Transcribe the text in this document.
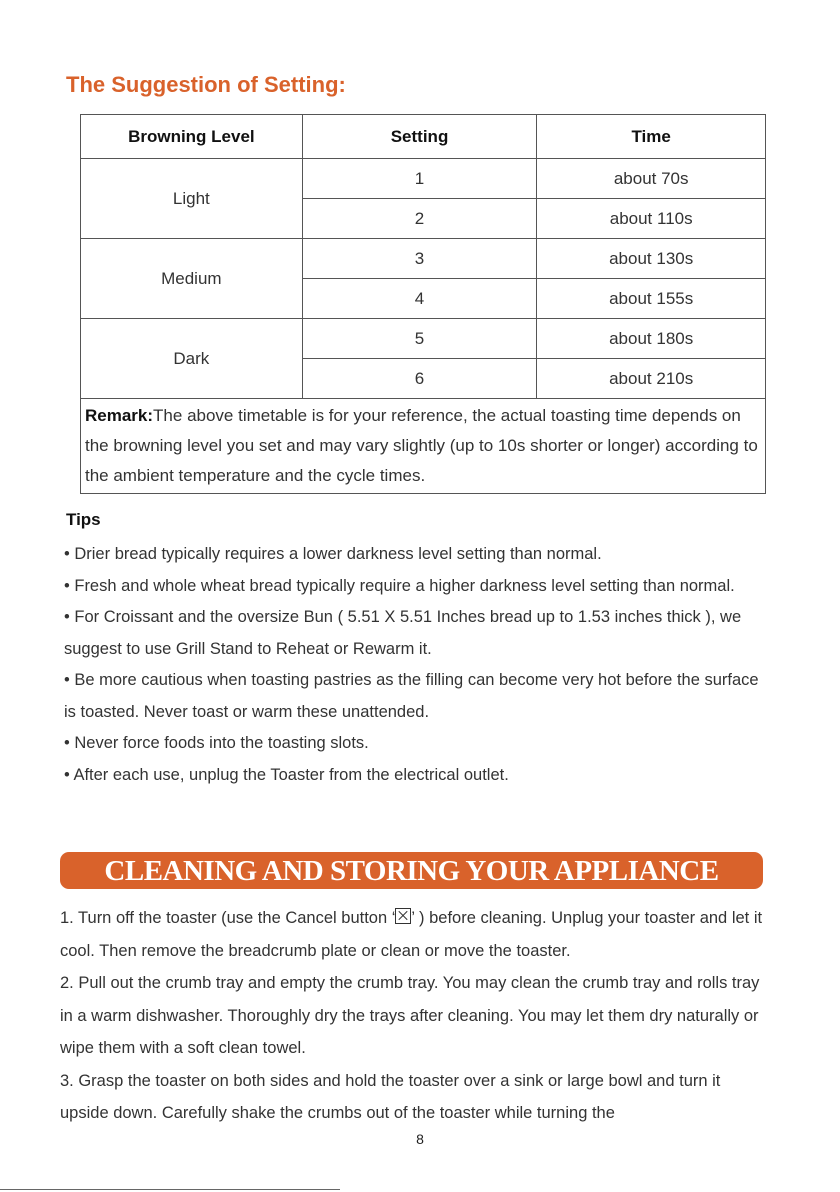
The Suggestion of Setting:
Browning Level	Setting	Time
Light	1	about 70s
	2	about 110s
Medium	3	about 130s
	4	about 155s
Dark	5	about 180s
	6	about 210s
Remark:The above timetable is for your reference, the actual toasting time depends on the browning level you set and may vary slightly (up to 10s shorter or longer) according to the ambient temperature and the cycle times.		
Tips

• Drier bread typically requires a lower darkness level setting than normal.

• Fresh and whole wheat bread typically require a higher darkness level setting than normal.

• For Croissant and the oversize Bun ( 5.51 X 5.51 Inches bread up to 1.53 inches thick ), we suggest to use Grill Stand to Reheat or Rewarm it.

• Be more cautious when toasting pastries as the filling can become very hot before the surface is toasted. Never toast or warm these unattended.

• Never force foods into the toasting slots.

• After each use, unplug the Toaster from the electrical outlet.

CLEANING AND STORING YOUR APPLIANCE

1. Turn off the toaster (use the Cancel button ‘ ’ ) before cleaning. Unplug your toaster and let it cool. Then remove the breadcrumb plate or clean or move the toaster.

2. Pull out the crumb tray and empty the crumb tray. You may clean the crumb tray and rolls tray in a warm dishwasher. Thoroughly dry the trays after cleaning. You may let them dry naturally or wipe them with a soft clean towel.

3. Grasp the toaster on both sides and hold the toaster over a sink or large bowl and turn it upside down. Carefully shake the crumbs out of the toaster while turning the

8
